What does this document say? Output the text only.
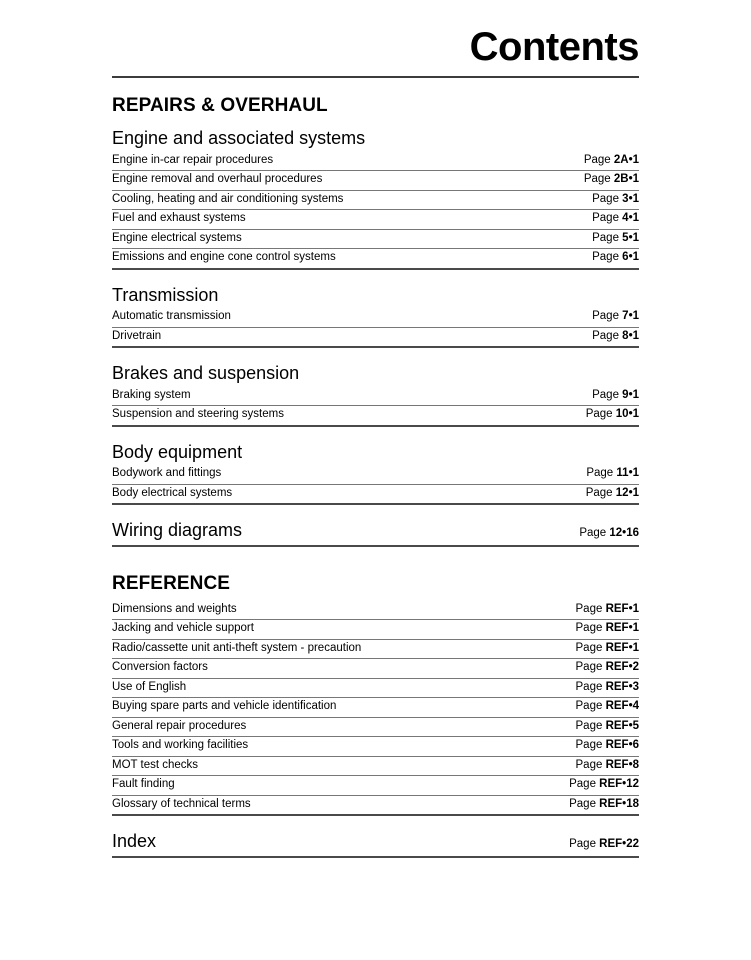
Contents
REPAIRS & OVERHAUL
Engine and associated systems
Engine in-car repair procedures	Page 2A•1
Engine removal and overhaul procedures	Page 2B•1
Cooling, heating and air conditioning systems	Page 3•1
Fuel and exhaust systems	Page 4•1
Engine electrical systems	Page 5•1
Emissions and engine cone control systems	Page 6•1
Transmission
Automatic transmission	Page 7•1
Drivetrain	Page 8•1
Brakes and suspension
Braking system	Page 9•1
Suspension and steering systems	Page 10•1
Body equipment
Bodywork and fittings	Page 11•1
Body electrical systems	Page 12•1
Wiring diagrams	Page 12•16
REFERENCE
Dimensions and weights	Page REF•1
Jacking and vehicle support	Page REF•1
Radio/cassette unit anti-theft system - precaution	Page REF•1
Conversion factors	Page REF•2
Use of English	Page REF•3
Buying spare parts and vehicle identification	Page REF•4
General repair procedures	Page REF•5
Tools and working facilities	Page REF•6
MOT test checks	Page REF•8
Fault finding	Page REF•12
Glossary of technical terms	Page REF•18
Index	Page REF•22
